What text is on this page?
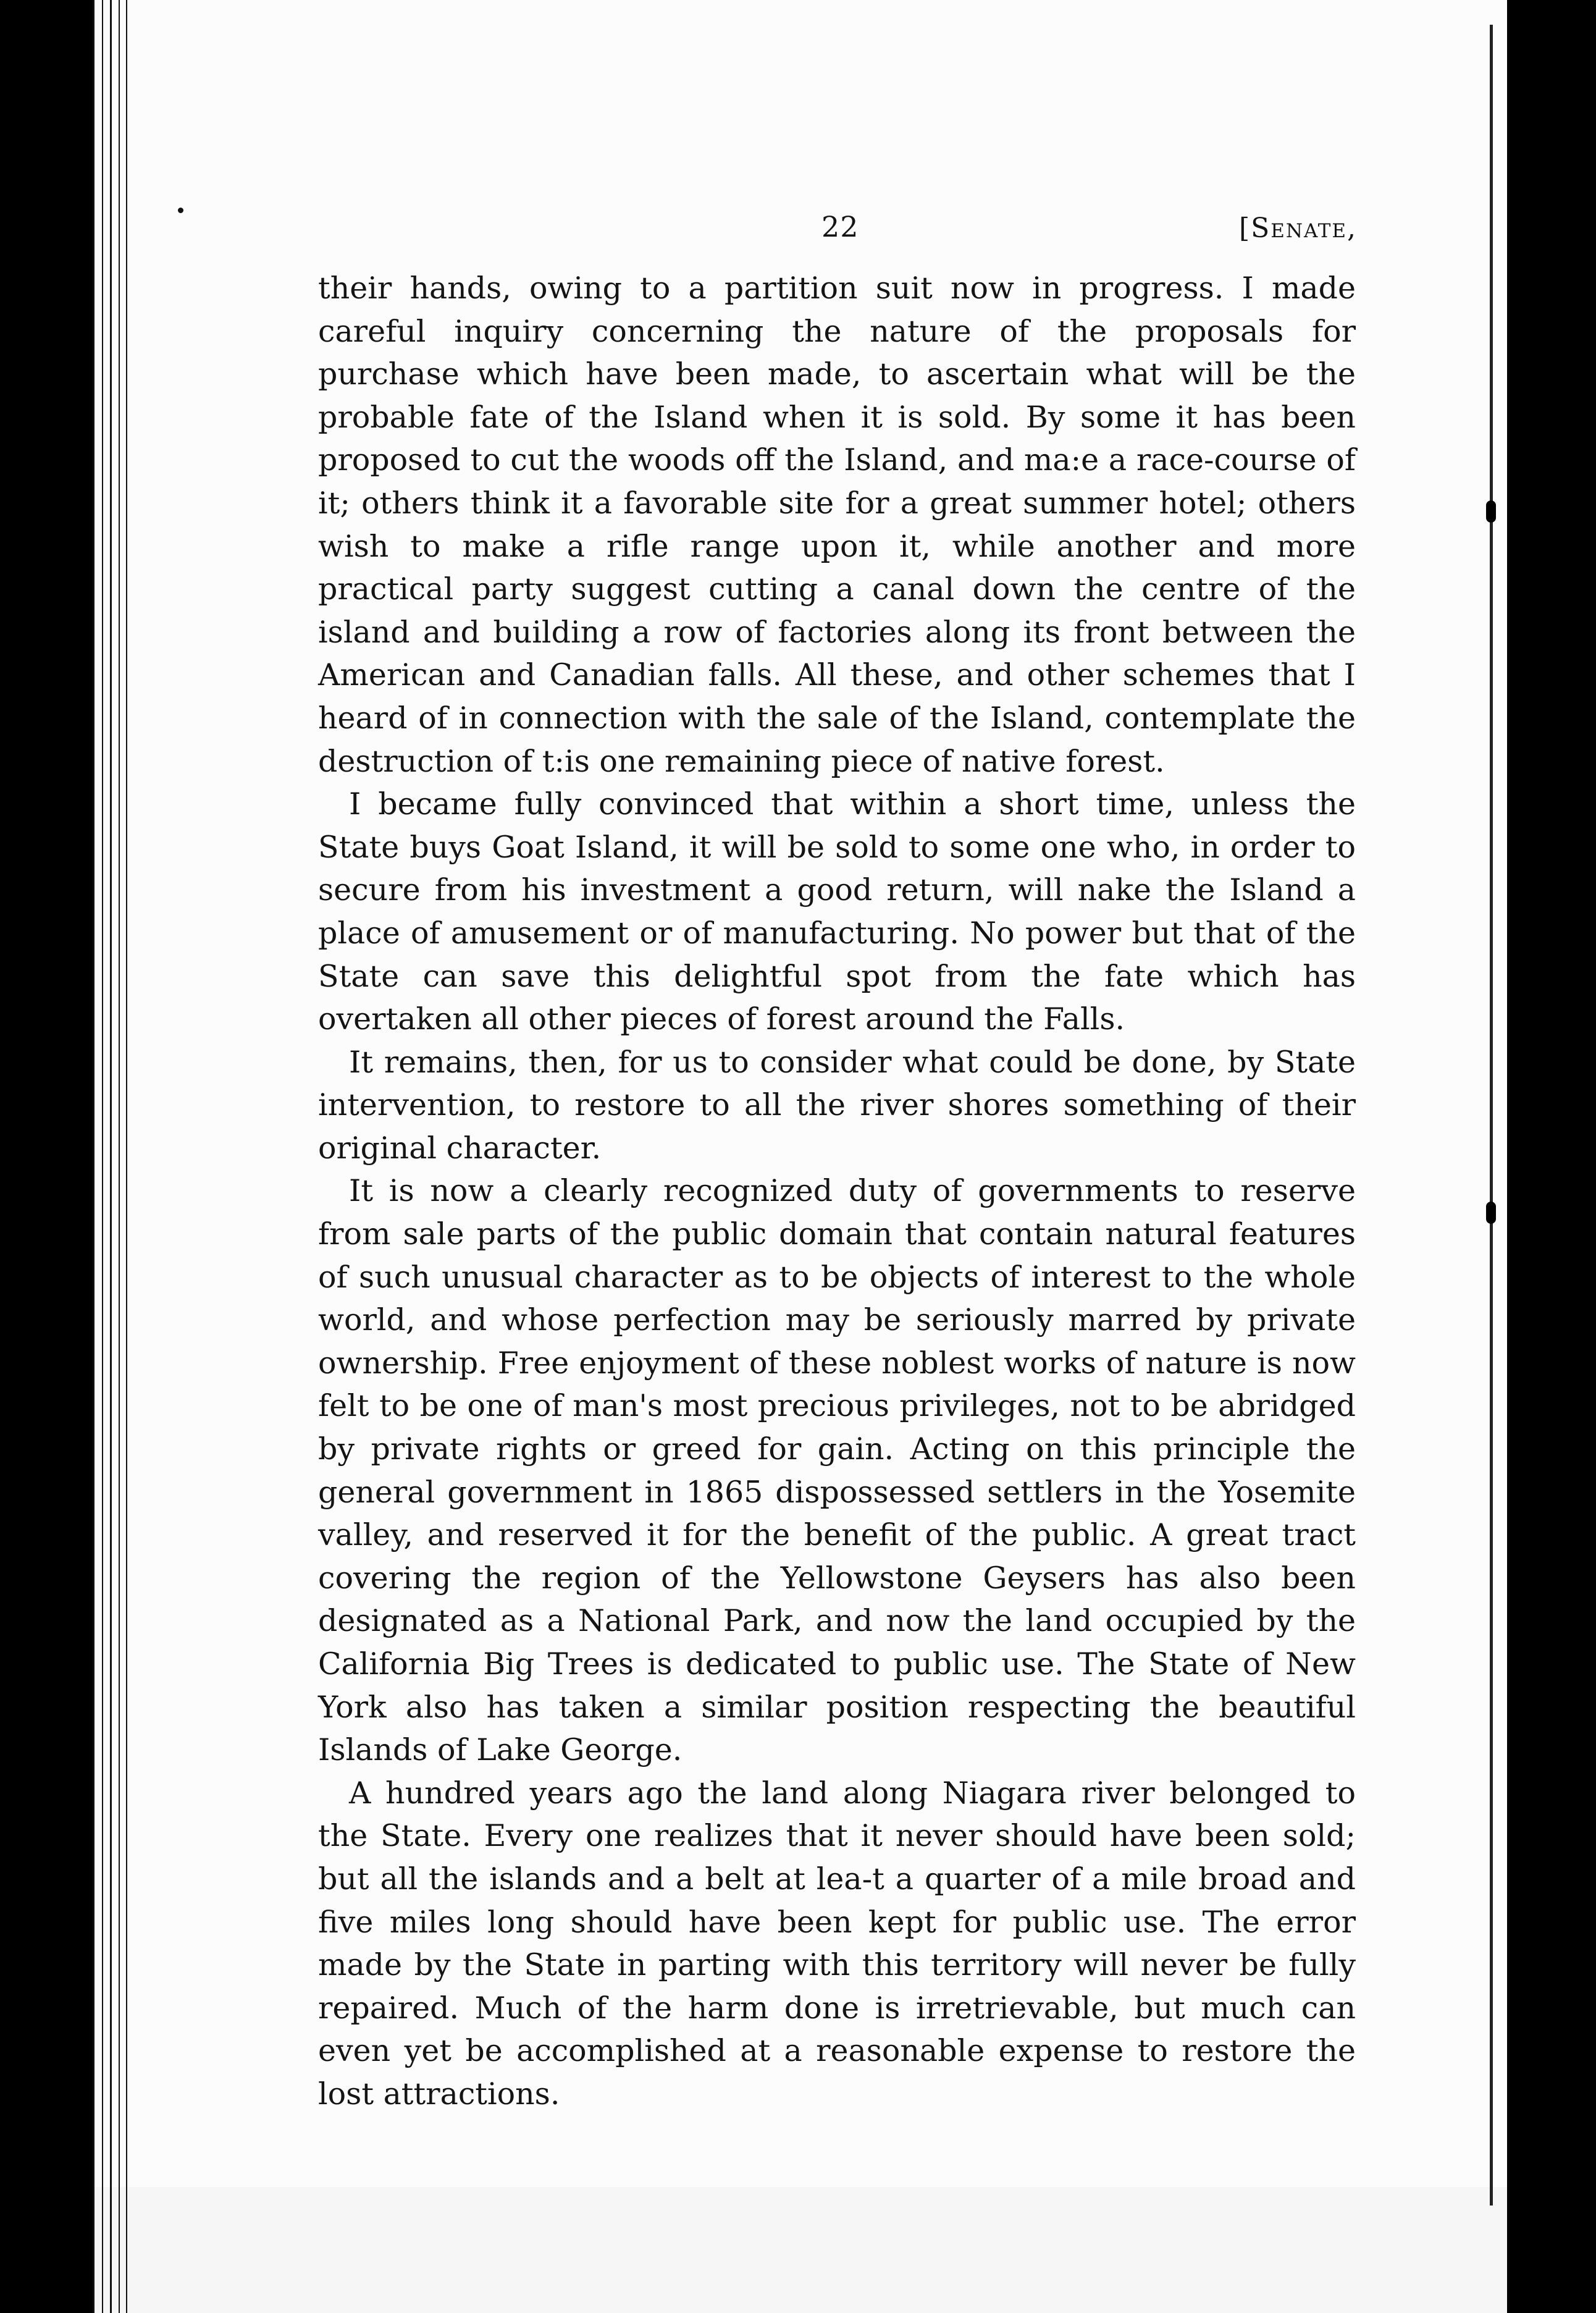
22	[Senate,

their hands, owing to a partition suit now in progress. I made careful inquiry concerning the nature of the proposals for purchase which have been made, to ascertain what will be the probable fate of the Island when it is sold. By some it has been proposed to cut the woods off the Island, and ma⁠:e a race-course of it; others think it a favorable site for a great summer hotel; others wish to make a rifle range upon it, while another and more practical party suggest cutting a canal down the centre of the island and building a row of factories along its front between the American and Canadian falls. All these, and other schemes that I heard of in connection with the sale of the Island, contemplate the destruction of t:is one remaining piece of native forest.

I became fully convinced that within a short time, unless the State buys Goat Island, it will be sold to some one who, in order to secure from his investment a good return, will nake the Island a place of amusement or of manufacturing. No power but that of the State can save this delightful spot from the fate which has overtaken all other pieces of forest around the Falls.

It remains, then, for us to consider what could be done, by State intervention, to restore to all the river shores something of their original character.

It is now a clearly recognized duty of governments to reserve from sale parts of the public domain that contain natural features of such unusual character as to be objects of interest to the whole world, and whose perfection may be seriously marred by private ownership. Free enjoyment of these noblest works of nature is now felt to be one of man's most precious privileges, not to be abridged by private rights or greed for gain. Acting on this principle the general government in 1865 dispossessed settlers in the Yosemite valley, and reserved it for the benefit of the public. A great tract covering the region of the Yellowstone Geysers has also been designated as a National Park, and now the land occupied by the California Big Trees is dedicated to public use. The State of New York also has taken a similar position respecting the beautiful Islands of Lake George.

A hundred years ago the land along Niagara river belonged to the State. Every one realizes that it never should have been sold; but all the islands and a belt at lea-t a quarter of a mile broad and five miles long should have been kept for public use. The error made by the State in parting with this territory will never be fully repaired. Much of the harm done is irretrievable, but much can even yet be accomplished at a reasonable expense to restore the lost attractions.
